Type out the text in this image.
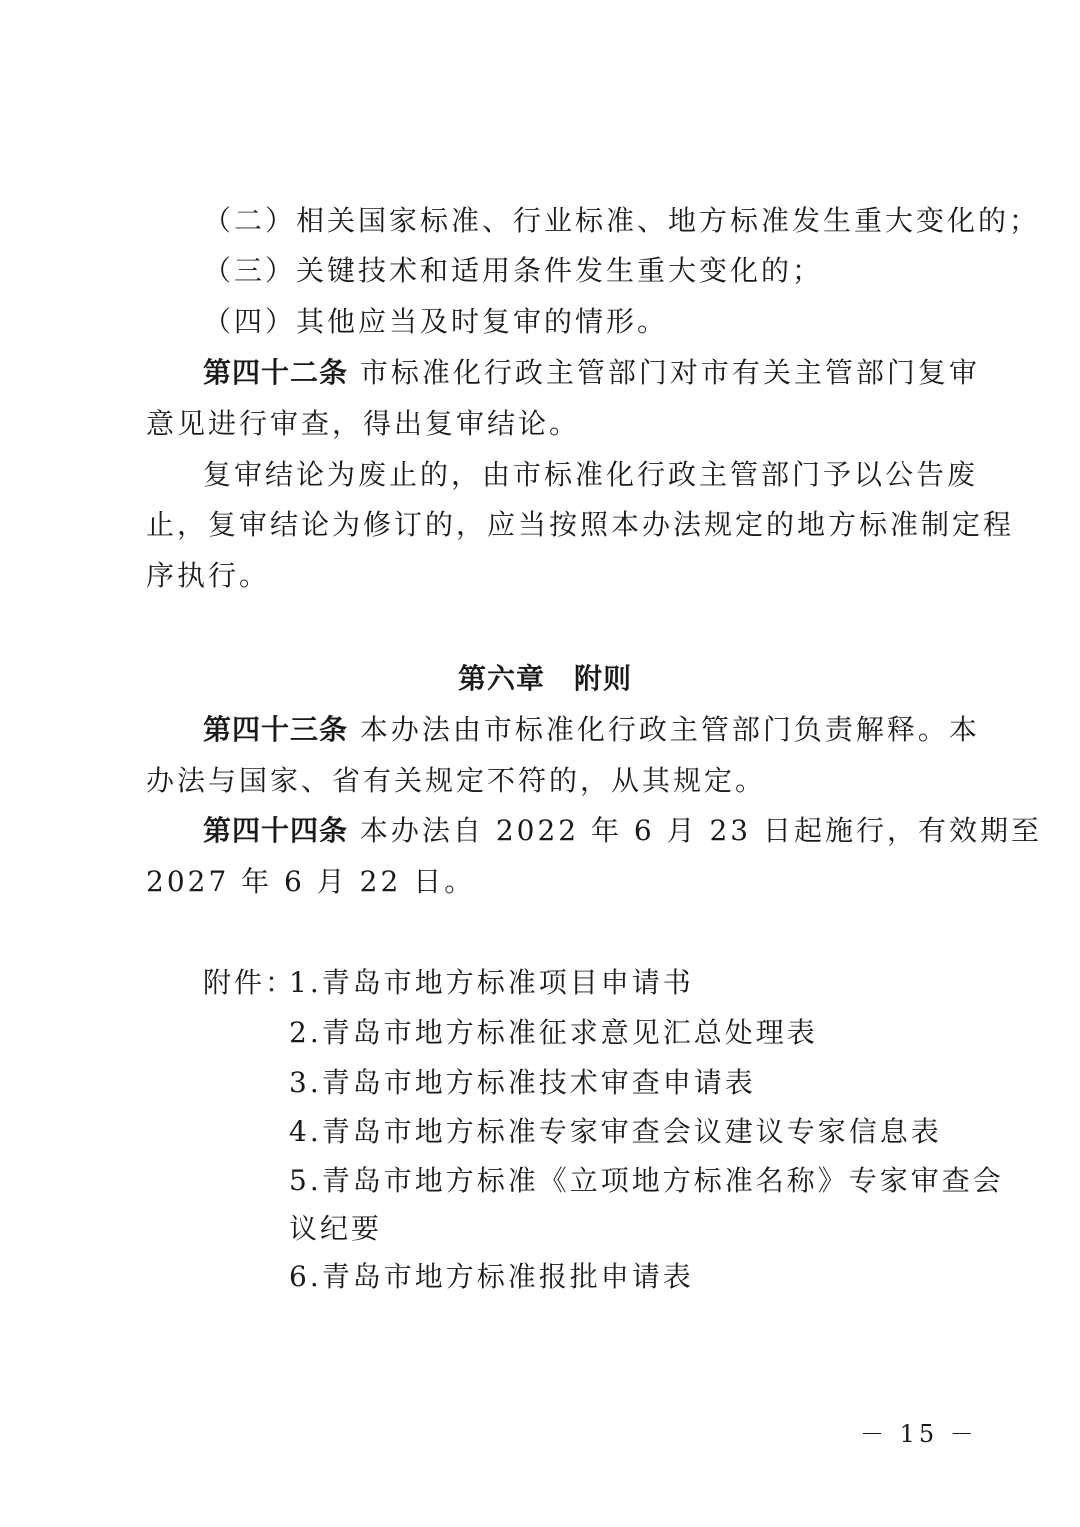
（二）相关国家标准、行业标准、地方标准发生重大变化的；
（三）关键技术和适用条件发生重大变化的；
（四）其他应当及时复审的情形。
第四十二条 市标准化行政主管部门对市有关主管部门复审
意见进行审查，得出复审结论。
复审结论为废止的，由市标准化行政主管部门予以公告废
止，复审结论为修订的，应当按照本办法规定的地方标准制定程
序执行。
第六章　附则
第四十三条 本办法由市标准化行政主管部门负责解释。本
办法与国家、省有关规定不符的，从其规定。
第四十四条 本办法自 2022 年 6 月 23 日起施行，有效期至
2027 年 6 月 22 日。
附件：
1.青岛市地方标准项目申请书
2.青岛市地方标准征求意见汇总处理表
3.青岛市地方标准技术审查申请表
4.青岛市地方标准专家审查会议建议专家信息表
5.青岛市地方标准《立项地方标准名称》专家审查会
议纪要
6.青岛市地方标准报批申请表
－ 15 －
